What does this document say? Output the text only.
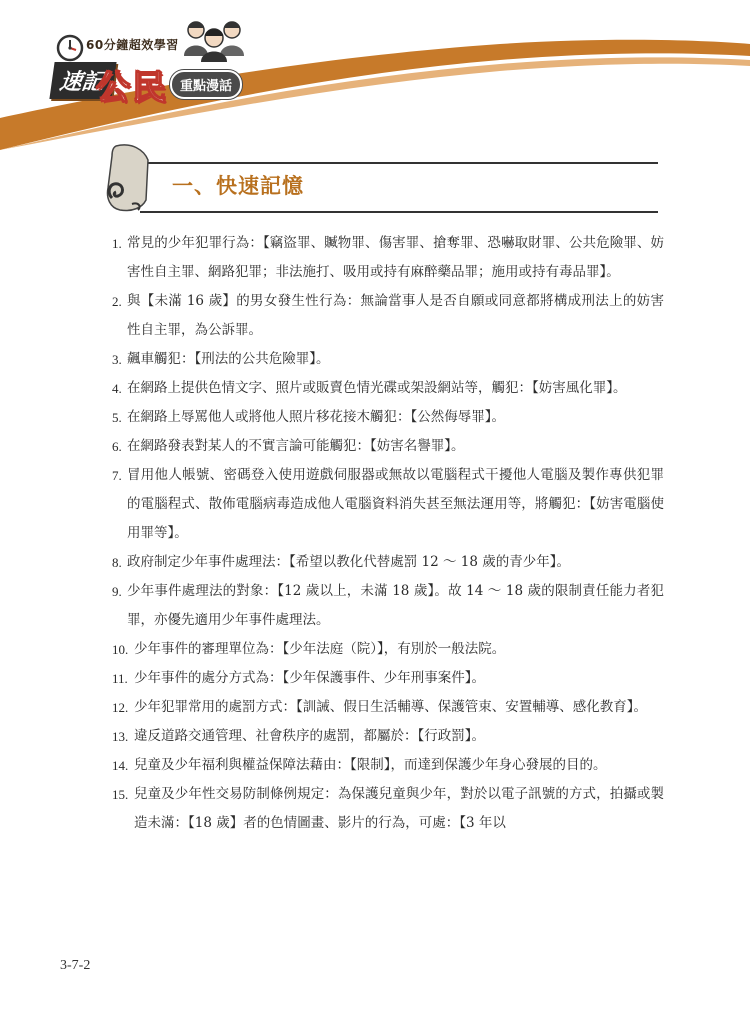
60分鐘超效學習
速記
公民 重點漫話
一、快速記憶
1. 常見的少年犯罪行為：【竊盜罪、贓物罪、傷害罪、搶奪罪、恐嚇取財罪、公共危險罪、妨害性自主罪、網路犯罪；非法施打、吸用或持有麻醉藥品罪；施用或持有毒品罪】。
2. 與【未滿 16 歲】的男女發生性行為：無論當事人是否自願或同意都將構成刑法上的妨害性自主罪，為公訴罪。
3. 飆車觸犯：【刑法的公共危險罪】。
4. 在網路上提供色情文字、照片或販賣色情光碟或架設網站等，觸犯：【妨害風化罪】。
5. 在網路上辱罵他人或將他人照片移花接木觸犯：【公然侮辱罪】。
6. 在網路發表對某人的不實言論可能觸犯：【妨害名譽罪】。
7. 冒用他人帳號、密碼登入使用遊戲伺服器或無故以電腦程式干擾他人電腦及製作專供犯罪的電腦程式、散佈電腦病毒造成他人電腦資料消失甚至無法運用等，將觸犯：【妨害電腦使用罪等】。
8. 政府制定少年事件處理法：【希望以教化代替處罰 12 ～ 18 歲的青少年】。
9. 少年事件處理法的對象：【12 歲以上，未滿 18 歲】。故 14 ～ 18 歲的限制責任能力者犯罪，亦優先適用少年事件處理法。
10. 少年事件的審理單位為：【少年法庭（院）】，有別於一般法院。
11. 少年事件的處分方式為：【少年保護事件、少年刑事案件】。
12. 少年犯罪常用的處罰方式：【訓誡、假日生活輔導、保護管束、安置輔導、感化教育】。
13. 違反道路交通管理、社會秩序的處罰，都屬於：【行政罰】。
14. 兒童及少年福利與權益保障法藉由：【限制】，而達到保護少年身心發展的目的。
15. 兒童及少年性交易防制條例規定：為保護兒童與少年，對於以電子訊號的方式，拍攝或製造未滿：【18 歲】者的色情圖畫、影片的行為，可處：【3 年以
3-7-2
